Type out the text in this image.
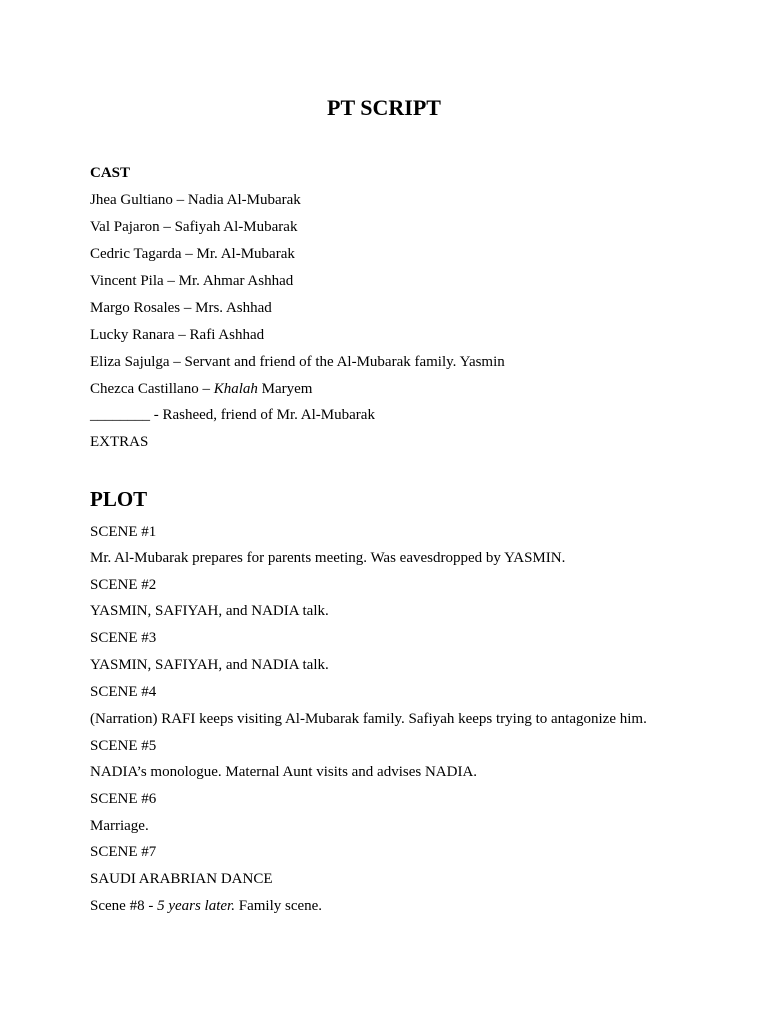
PT SCRIPT
CAST
Jhea Gultiano – Nadia Al-Mubarak
Val Pajaron – Safiyah Al-Mubarak
Cedric Tagarda – Mr. Al-Mubarak
Vincent Pila – Mr. Ahmar Ashhad
Margo Rosales – Mrs. Ashhad
Lucky Ranara – Rafi Ashhad
Eliza Sajulga – Servant and friend of the Al-Mubarak family. Yasmin
Chezca Castillano – Khalah Maryem
________ - Rasheed, friend of Mr. Al-Mubarak
EXTRAS
PLOT
SCENE #1
Mr. Al-Mubarak prepares for parents meeting. Was eavesdropped by YASMIN.
SCENE #2
YASMIN, SAFIYAH, and NADIA talk.
SCENE #3
YASMIN, SAFIYAH, and NADIA talk.
SCENE #4
(Narration) RAFI keeps visiting Al-Mubarak family. Safiyah keeps trying to antagonize him.
SCENE #5
NADIA’s monologue. Maternal Aunt visits and advises NADIA.
SCENE #6
Marriage.
SCENE #7
SAUDI ARABRIAN DANCE
Scene #8 - 5 years later. Family scene.
